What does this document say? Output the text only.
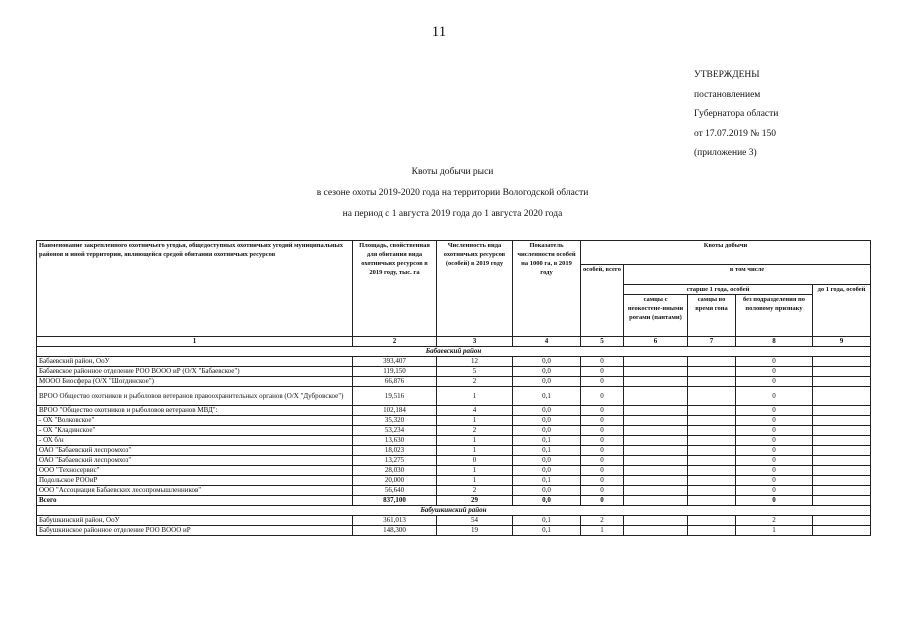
11
УТВЕРЖДЕНЫ
постановлением
Губернатора области
от 17.07.2019 № 150
(приложение 3)
Квоты добычи рыси
в сезоне охоты 2019-2020 года на территории Вологодской области
на период с 1 августа 2019 года до 1 августа 2020 года
Наименование закрепленного охотничьего угодья, общедоступных охотничьих угодий муниципальных районов и иной территории, являющейся средой обитания охотничьих ресурсов	Площадь, свойственная для обитания вида охотничьих ресурсов в 2019 году, тыс. га	Численность вида охотничьих ресурсов (особей) в 2019 году	Показатель численности особей на 1000 га, в 2019 году	Квоты добычи				
				особей, всего	в том числе			
					старше 1 года, особей			до 1 года, особей
					самцы с неокостене-нными рогами (пантами)	самцы во время гона	без подразделения по половому признаку	
1	2	3	4	5	6	7	8	9
Бабаевский район								
Бабаевский район, ОоУ	393,407	12	0,0	0			0	
Бабаевское районное отделение РОО ВООО иР (О/Х "Бабаевское")	119,150	5	0,0	0			0	
МООО Биосфера (О/Х "Шогдинское")	66,876	2	0,0	0			0	
ВРОО Общество охотников и рыболовов ветеранов правоохранительных органов (О/Х "Дубровское")	19,516	1	0,1	0			0	
ВРОО "Общество охотников и рыболовов ветеранов МВД":	102,184	4	0,0	0			0	
- ОХ "Волковское"	35,320	1	0,0	0			0	
- ОХ "Кладинское"	53,234	2	0,0	0			0	
- ОХ б/н	13,630	1	0,1	0			0	
ОАО "Бабаевский леспромхоз"	18,023	1	0,1	0			0	
ОАО "Бабаевский леспромхоз"	13,275	0	0,0	0			0	
ООО "Техносервис"	28,030	1	0,0	0			0	
Подольское РООиР	20,000	1	0,1	0			0	
ООО "Ассоциация Бабаевских лесопромышленников"	56,640	2	0,0	0			0	
Всего	837,100	29	0,0	0			0	
Бабушкинский район								
Бабушкинский район, ОоУ	361,013	54	0,1	2			2	
Бабушкинское районное отделение РОО ВООО иР	148,300	19	0,1	1			1	
